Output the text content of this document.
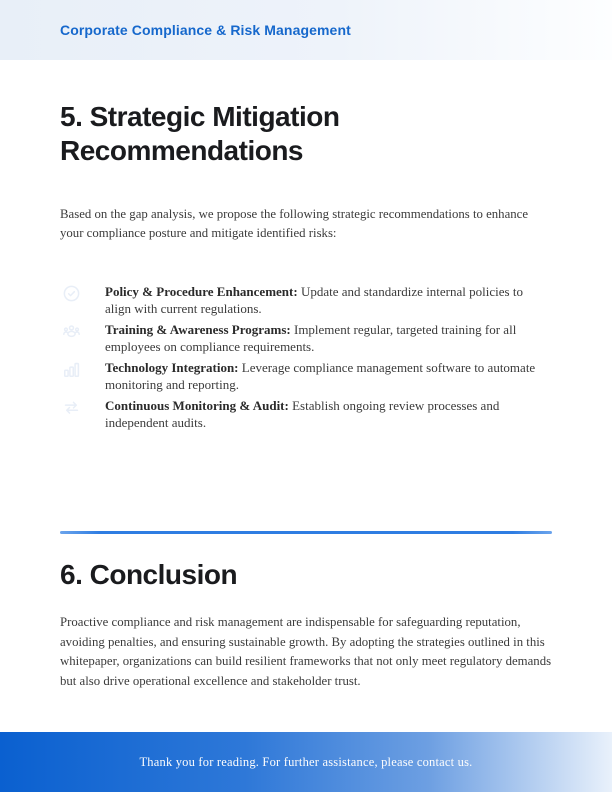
Corporate Compliance & Risk Management
5. Strategic Mitigation Recommendations

Based on the gap analysis, we propose the following strategic recommendations to enhance your compliance posture and mitigate identified risks:

Policy & Procedure Enhancement: Update and standardize internal policies to align with current regulations.
Training & Awareness Programs: Implement regular, targeted training for all employees on compliance requirements.
Technology Integration: Leverage compliance management software to automate monitoring and reporting.
Continuous Monitoring & Audit: Establish ongoing review processes and independent audits.
6. Conclusion

Proactive compliance and risk management are indispensable for safeguarding reputation, avoiding penalties, and ensuring sustainable growth. By adopting the strategies outlined in this whitepaper, organizations can build resilient frameworks that not only meet regulatory demands but also drive operational excellence and stakeholder trust.

Thank you for reading. For further assistance, please contact us.
